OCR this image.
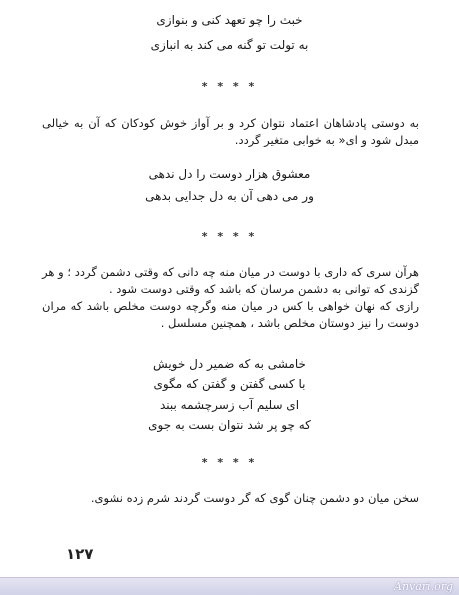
خبث را چو تعهد کنی و بنوازی
به تولت تو گنه می کند به انبازی
* * * *
به دوستی پادشاهان اعتماد نتوان کرد و بر آواز خوش کودکان که آن به خیالی مبدل شود و ای« به خوابی متغیر گردد.
معشوق هزار دوست را دل ندهی
ور می دهی آن به دل جدایی بدهی
* * * *
هرآن سری که داری با دوست در میان منه چه دانی که وقتی دشمن گردد ؛ و هر گزندی که توانی به دشمن مرسان که باشد که وقتی دوست شود .
رازی که نهان خواهی با کس در میان منه وگرچه دوست مخلص باشد که مران دوست را نیز دوستان مخلص باشد ، همچنین مسلسل .
خامشی به که ضمیر دل خویش
با کسی گفتن و گفتن که مگوی
ای سلیم آب زسرچشمه ببند
که چو پر شد نتوان بست به جوی
* * * *
سخن میان دو دشمن چنان گوی که گر دوست گردند شرم زده نشوی.
۱۲۷
Anvari.org
